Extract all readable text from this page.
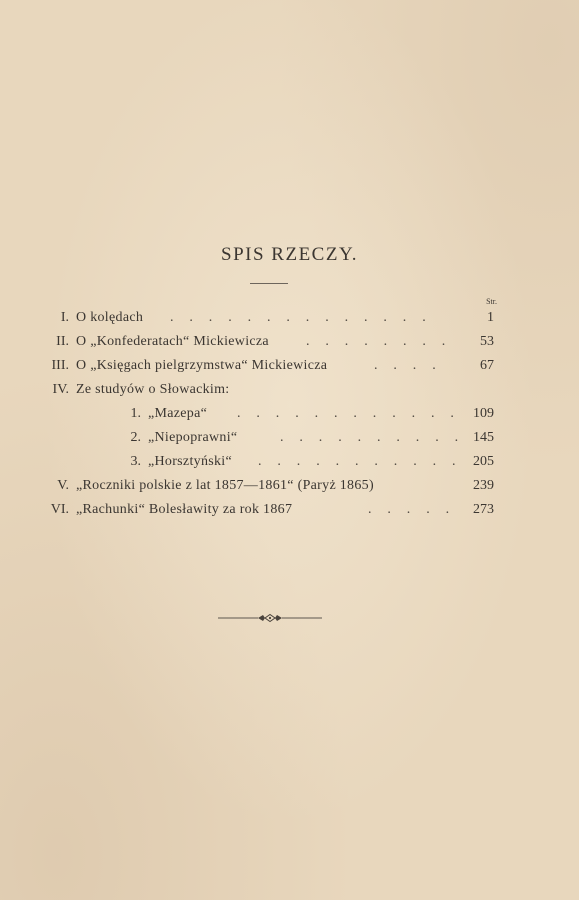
SPIS RZECZY.
Str.
I. O kolędach . . . . . . . . . . . . . .	1
II. O „Konfederatach“ Mickiewicza	. . . . . . . . 53
III. O „Księgach pielgrzymstwa“ Mickiewicza	. . . .	67
IV. Ze studyów o Słowackim:
1. „Mazepa“ . . . . . . . . . . . . 109
2. „Niepoprawni“	. . . . . . . . . . 145
3. „Horsztyński“ . . . . . . . . . . . 205
V. „Roczniki polskie z lat 1857—1861“ (Paryż 1865)	239
VI. „Rachunki“ Bolesławity za rok 1867	. . . . . 273
